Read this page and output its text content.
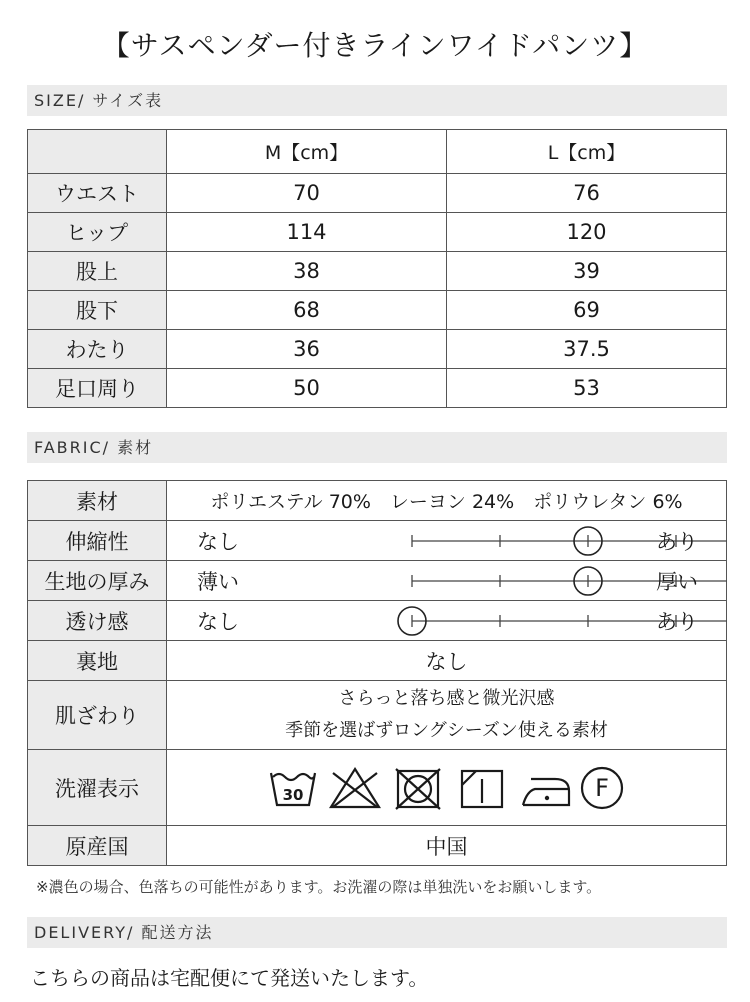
【サスペンダー付きラインワイドパンツ】
SIZE/ サイズ表
	M【cm】	L【cm】
ウエスト	70	76
ヒップ	114	120
股上	38	39
股下	68	69
わたり	36	37.5
足口周り	50	53
FABRIC/ 素材
素材	ポリエステル 70%　レーヨン 24%　ポリウレタン 6%
伸縮性	なし あり

生地の厚み	薄い 厚い

透け感	なし あり

裏地	なし
肌ざわり	さらっと落ち感と微光沢感
季節を選ばずロングシーズン使える素材

洗濯表示	30 F

原産国	中国
※濃色の場合、色落ちの可能性があります。お洗濯の際は単独洗いをお願いします。
DELIVERY/ 配送方法
こちらの商品は宅配便にて発送いたします。
